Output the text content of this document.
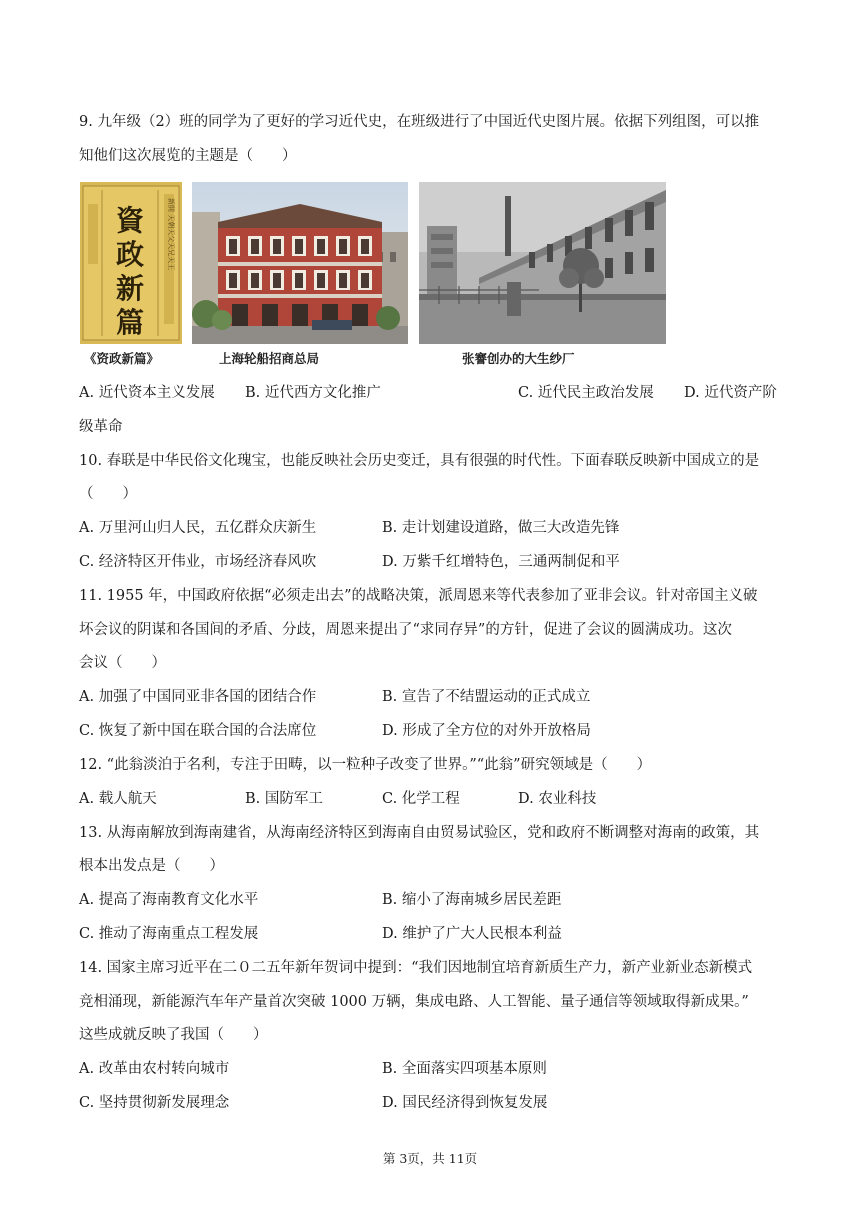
9. 九年级（2）班的同学为了更好的学习近代史，在班级进行了中国近代史图片展。依据下列组图，可以推
知他们这次展览的主题是（　　）
新開 天朝天父天兄天王
資政新篇
《资政新篇》	上海轮船招商总局	张謇创办的大生纱厂
A. 近代资本主义发展 B. 近代西方文化推广	C. 近代民主政治发展 D. 近代资产阶
级革命
10. 春联是中华民俗文化瑰宝，也能反映社会历史变迁，具有很强的时代性。下面春联反映新中国成立的是
（　　）
A. 万里河山归人民，五亿群众庆新生	B. 走计划建设道路，做三大改造先锋
C. 经济特区开伟业，市场经济春风吹	D. 万紫千红增特色，三通两制促和平
11. 1955 年，中国政府依据“必须走出去”的战略决策，派周恩来等代表参加了亚非会议。针对帝国主义破
坏会议的阴谋和各国间的矛盾、分歧，周恩来提出了“求同存异”的方针，促进了会议的圆满成功。这次
会议（　　）
A. 加强了中国同亚非各国的团结合作	B. 宣告了不结盟运动的正式成立
C. 恢复了新中国在联合国的合法席位	D. 形成了全方位的对外开放格局
12. “此翁淡泊于名利，专注于田畴，以一粒种子改变了世界。”“此翁”研究领域是（　　）
A. 载人航天	B. 国防军工	C. 化学工程	D. 农业科技
13. 从海南解放到海南建省，从海南经济特区到海南自由贸易试验区，党和政府不断调整对海南的政策，其
根本出发点是（　　）
A. 提高了海南教育文化水平	B. 缩小了海南城乡居民差距
C. 推动了海南重点工程发展	D. 维护了广大人民根本利益
14. 国家主席习近平在二０二五年新年贺词中提到：“我们因地制宜培育新质生产力，新产业新业态新模式
竞相涌现，新能源汽车年产量首次突破 1000 万辆，集成电路、人工智能、量子通信等领域取得新成果。”
这些成就反映了我国（　　）
A. 改革由农村转向城市	B. 全面落实四项基本原则
C. 坚持贯彻新发展理念	D. 国民经济得到恢复发展
第 3页，共 11页
